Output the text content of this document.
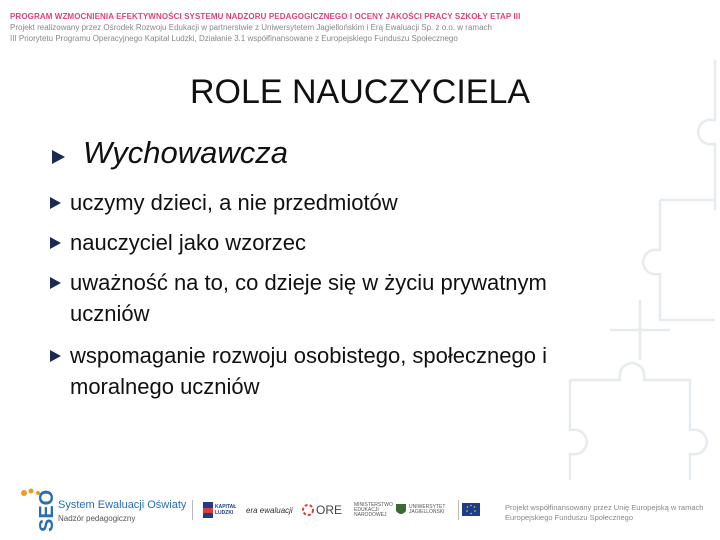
PROGRAM WZMOCNIENIA EFEKTYWNOŚCI SYSTEMU NADZORU PEDAGOGICZNEGO I OCENY JAKOŚCI PRACY SZKOŁY ETAP III
Projekt realizowany przez Ośrodek Rozwoju Edukacji w partnerstwie z Uniwersytetem Jagiellońskim i Erą Ewaluacji Sp. z o.o. w ramach
III Priorytetu Programu Operacyjnego Kapitał Ludzki, Działanie 3.1 współfinansowane z Europejskiego Funduszu Społecznego
ROLE NAUCZYCIELA
Wychowawcza
uczymy dzieci, a nie przedmiotów
nauczyciel jako wzorzec
uważność na to, co dzieje się w życiu prywatnym
uczniów
wspomaganie rozwoju osobistego, społecznego i
moralnego uczniów
SEO System Ewaluacji Oświaty
Nadzór pedagogiczny
KAPITAŁ LUDZKI	era ewaluacji ORE MINISTERSTWO EDUKACJI NARODOWEJ
UNIWERSYTET JAGIELLOŃSKI	Projekt współfinansowany przez Unię Europejską w ramach Europejskiego Funduszu Społecznego
